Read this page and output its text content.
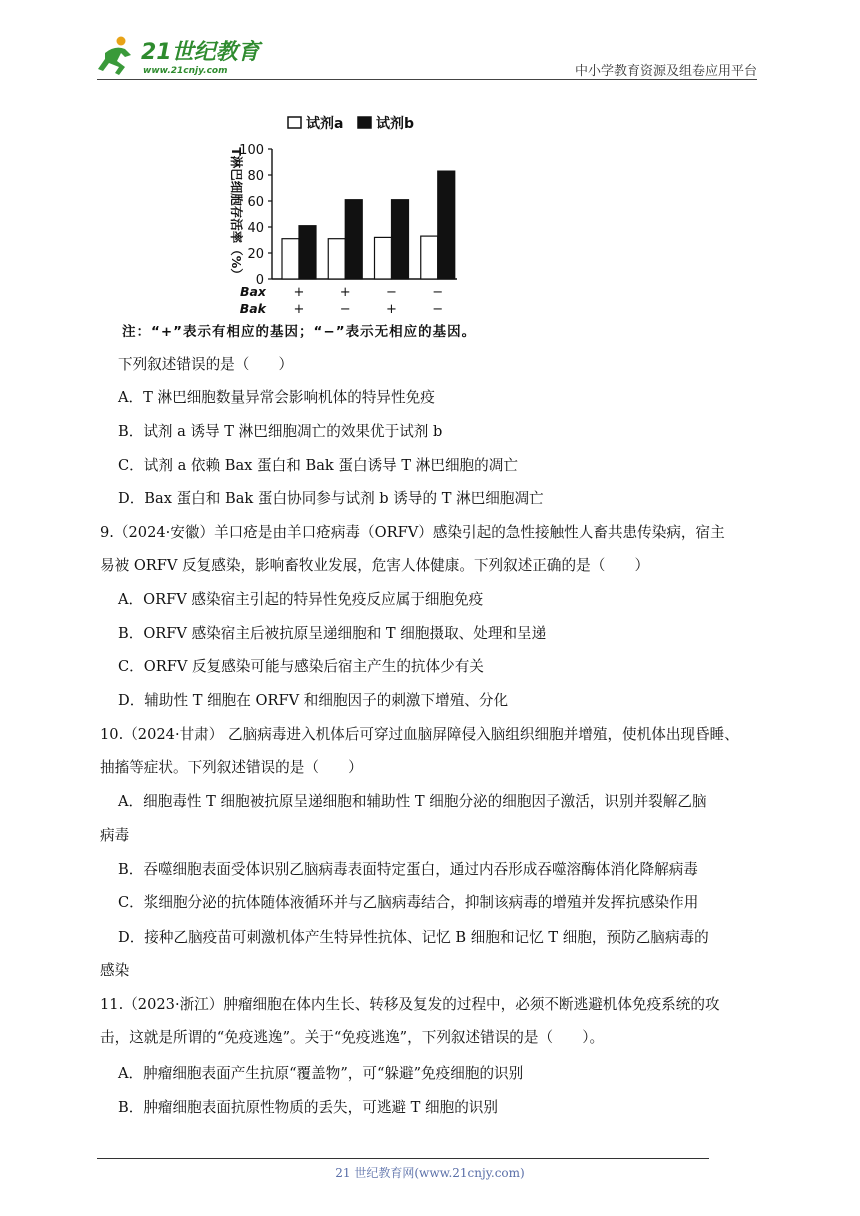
21世纪教育
www.21cnjy.com	中小学教育资源及组卷应用平台
0
20
40
60
80
100
T淋巴细胞存活率（%）
+
+
+
−
−
+
−
−
Bax
Bak
试剂a 试剂b
注：“+”表示有相应的基因；“−”表示无相应的基因。
下列叙述错误的是（　　）
A．T 淋巴细胞数量异常会影响机体的特异性免疫
B．试剂 a 诱导 T 淋巴细胞凋亡的效果优于试剂 b
C．试剂 a 依赖 Bax 蛋白和 Bak 蛋白诱导 T 淋巴细胞的凋亡
D．Bax 蛋白和 Bak 蛋白协同参与试剂 b 诱导的 T 淋巴细胞凋亡
9.（2024·安徽）羊口疮是由羊口疮病毒（ORFV）感染引起的急性接触性人畜共患传染病，宿主
易被 ORFV 反复感染，影响畜牧业发展，危害人体健康。下列叙述正确的是（　　）
A．ORFV 感染宿主引起的特异性免疫反应属于细胞免疫
B．ORFV 感染宿主后被抗原呈递细胞和 T 细胞摄取、处理和呈递
C．ORFV 反复感染可能与感染后宿主产生的抗体少有关
D．辅助性 T 细胞在 ORFV 和细胞因子的刺激下增殖、分化
10.（2024·甘肃） 乙脑病毒进入机体后可穿过血脑屏障侵入脑组织细胞并增殖，使机体出现昏睡、
抽搐等症状。下列叙述错误的是（　　）
A．细胞毒性 T 细胞被抗原呈递细胞和辅助性 T 细胞分泌的细胞因子激活，识别并裂解乙脑
病毒
B．吞噬细胞表面受体识别乙脑病毒表面特定蛋白，通过内吞形成吞噬溶酶体消化降解病毒
C．浆细胞分泌的抗体随体液循环并与乙脑病毒结合，抑制该病毒的增殖并发挥抗感染作用
D．接种乙脑疫苗可刺激机体产生特异性抗体、记忆 B 细胞和记忆 T 细胞，预防乙脑病毒的
感染
11.（2023·浙江）肿瘤细胞在体内生长、转移及复发的过程中，必须不断逃避机体免疫系统的攻
击，这就是所谓的“免疫逃逸”。关于“免疫逃逸”，下列叙述错误的是（　　）。
A．肿瘤细胞表面产生抗原“覆盖物”，可“躲避”免疫细胞的识别
B．肿瘤细胞表面抗原性物质的丢失，可逃避 T 细胞的识别
21 世纪教育网(www.21cnjy.com)
